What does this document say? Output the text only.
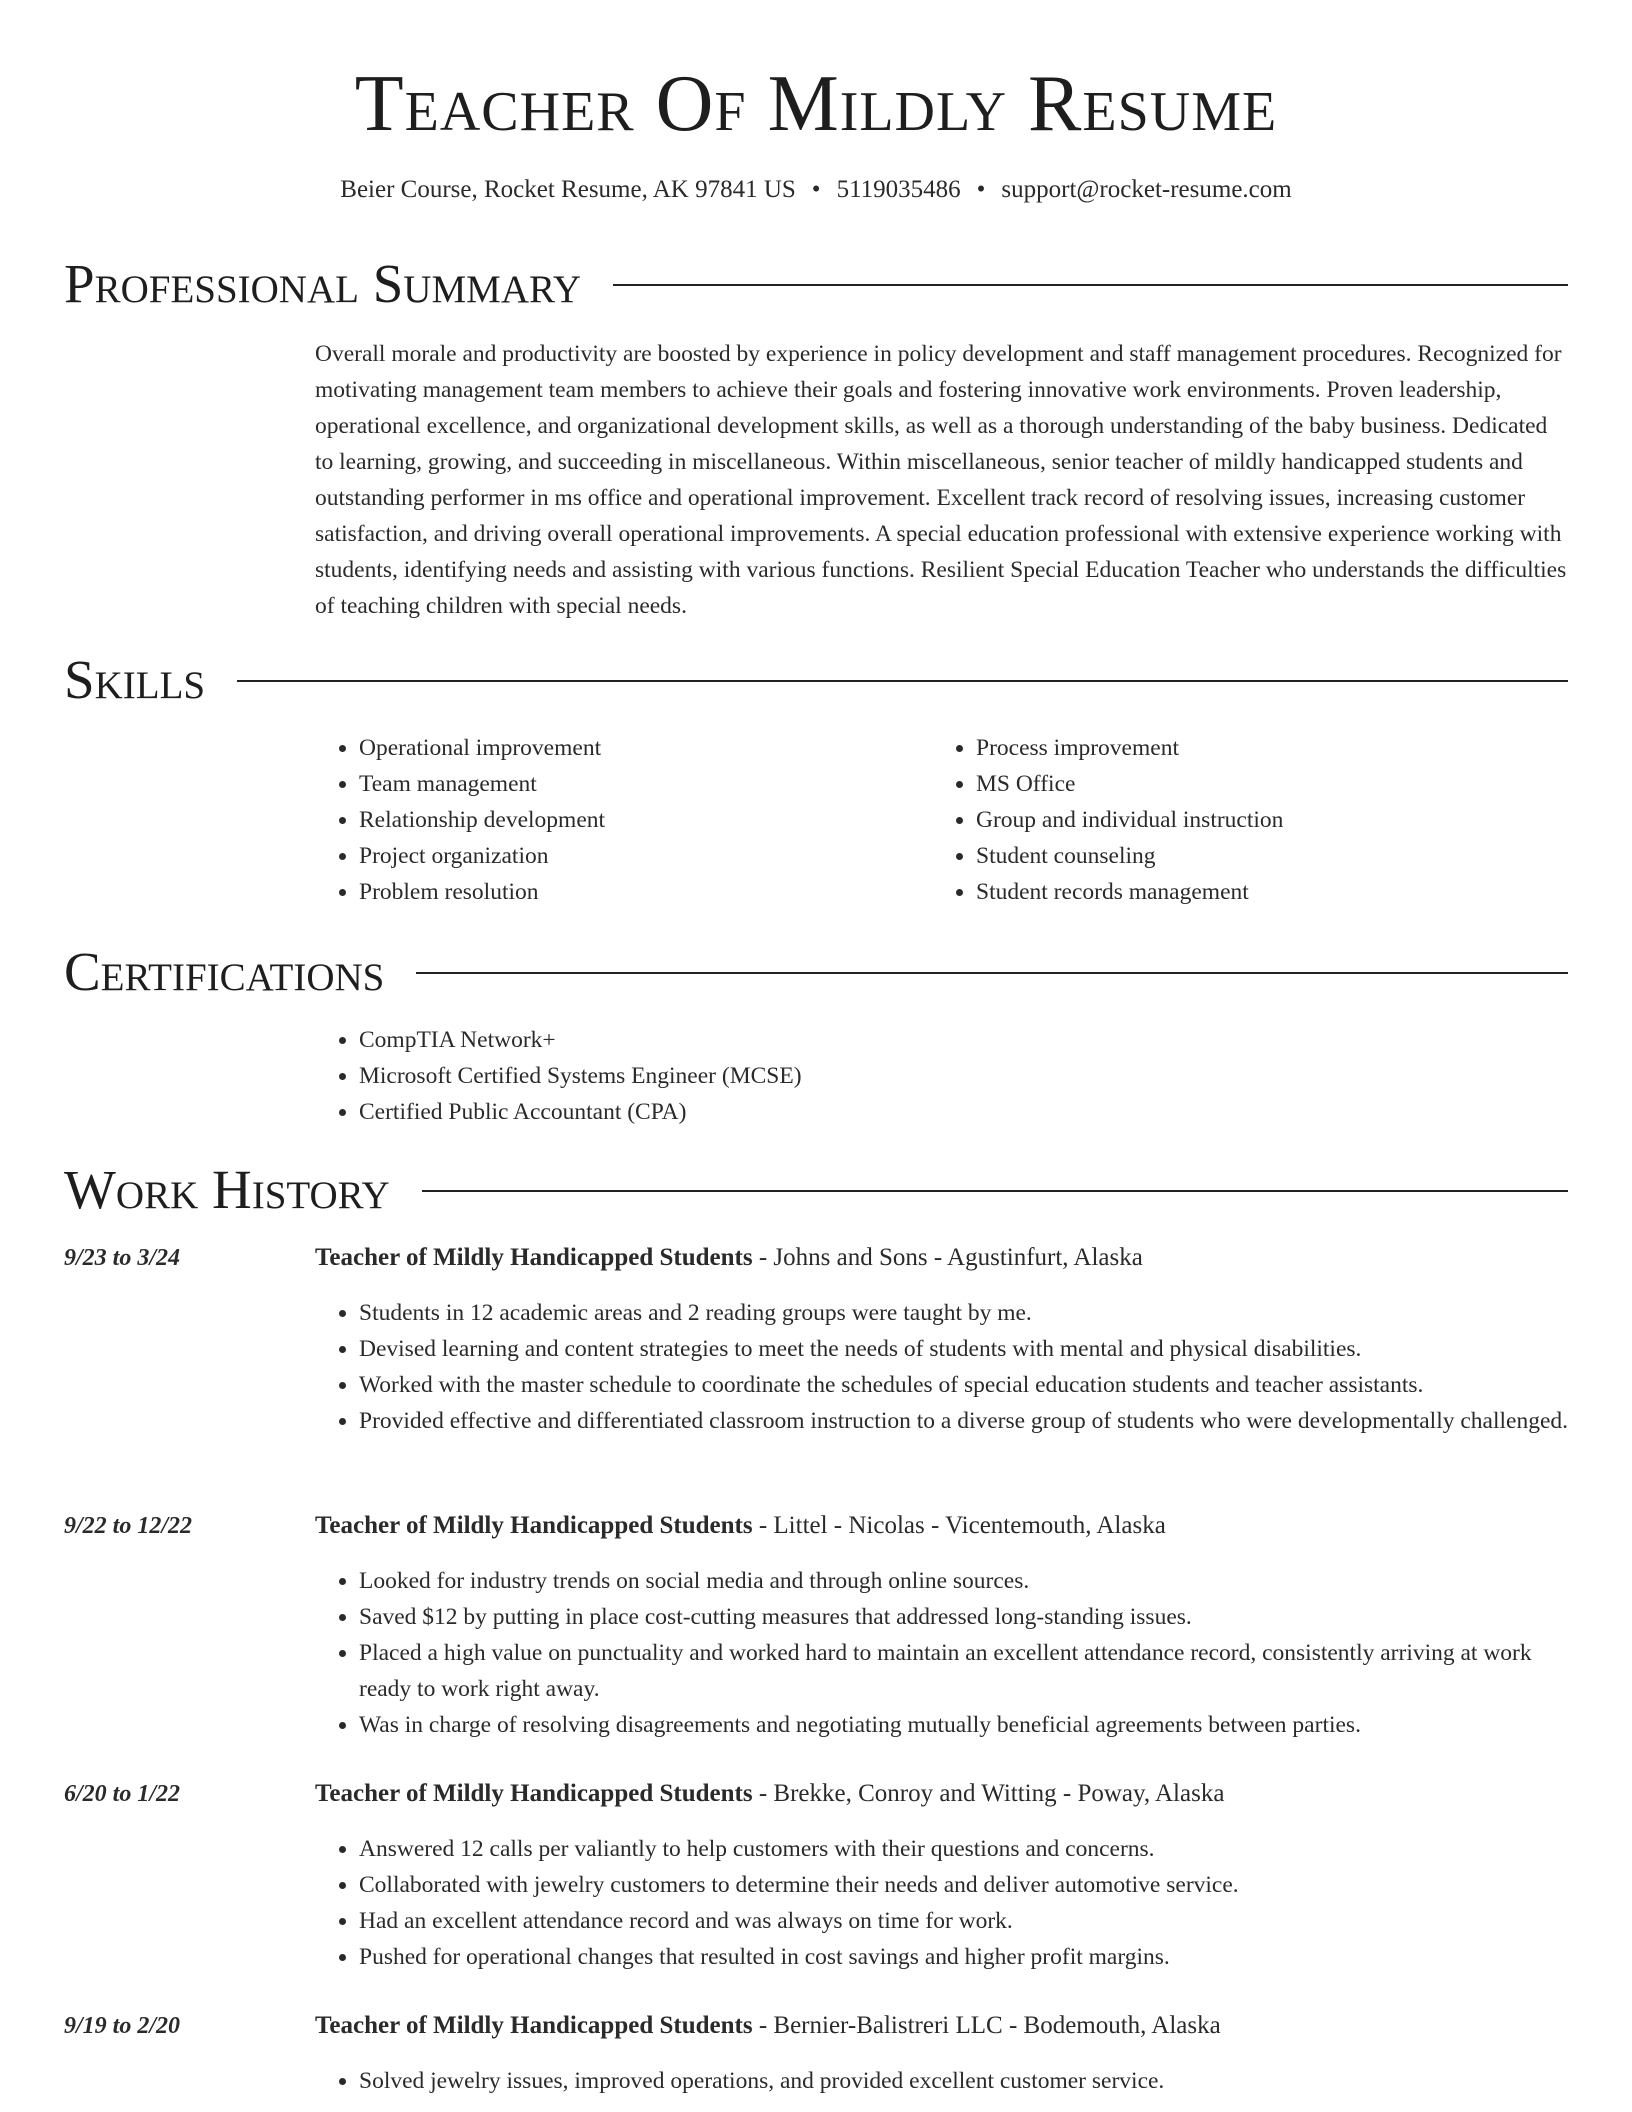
Teacher Of Mildly Resume
Beier Course, Rocket Resume, AK 97841 US • 5119035486 • support@rocket-resume.com
Professional Summary

Overall morale and productivity are boosted by experience in policy development and staff management procedures. Recognized for motivating management team members to achieve their goals and fostering innovative work environments. Proven leadership, operational excellence, and organizational development skills, as well as a thorough understanding of the baby business. Dedicated to learning, growing, and succeeding in miscellaneous. Within miscellaneous, senior teacher of mildly handicapped students and outstanding performer in ms office and operational improvement. Excellent track record of resolving issues, increasing customer satisfaction, and driving overall operational improvements. A special education professional with extensive experience working with students, identifying needs and assisting with various functions. Resilient Special Education Teacher who understands the difficulties of teaching children with special needs.

Skills
• Operational improvement
• Team management
• Relationship development
• Project organization
• Problem resolution
• Process improvement
• MS Office
• Group and individual instruction
• Student counseling
• Student records management
Certifications
• CompTIA Network+
• Microsoft Certified Systems Engineer (MCSE)
• Certified Public Accountant (CPA)
Work History
9/23 to 3/24	Teacher of Mildly Handicapped Students - Johns and Sons - Agustinfurt, Alaska
• Students in 12 academic areas and 2 reading groups were taught by me.
• Devised learning and content strategies to meet the needs of students with mental and physical disabilities.
• Worked with the master schedule to coordinate the schedules of special education students and teacher assistants.
• Provided effective and differentiated classroom instruction to a diverse group of students who were developmentally challenged.
9/22 to 12/22	Teacher of Mildly Handicapped Students - Littel - Nicolas - Vicentemouth, Alaska
• Looked for industry trends on social media and through online sources.
• Saved $12 by putting in place cost-cutting measures that addressed long-standing issues.
• Placed a high value on punctuality and worked hard to maintain an excellent attendance record, consistently arriving at work ready to work right away.
• Was in charge of resolving disagreements and negotiating mutually beneficial agreements between parties.
6/20 to 1/22	Teacher of Mildly Handicapped Students - Brekke, Conroy and Witting - Poway, Alaska
• Answered 12 calls per valiantly to help customers with their questions and concerns.
• Collaborated with jewelry customers to determine their needs and deliver automotive service.
• Had an excellent attendance record and was always on time for work.
• Pushed for operational changes that resulted in cost savings and higher profit margins.
9/19 to 2/20	Teacher of Mildly Handicapped Students - Bernier-Balistreri LLC - Bodemouth, Alaska
• Solved jewelry issues, improved operations, and provided excellent customer service.
